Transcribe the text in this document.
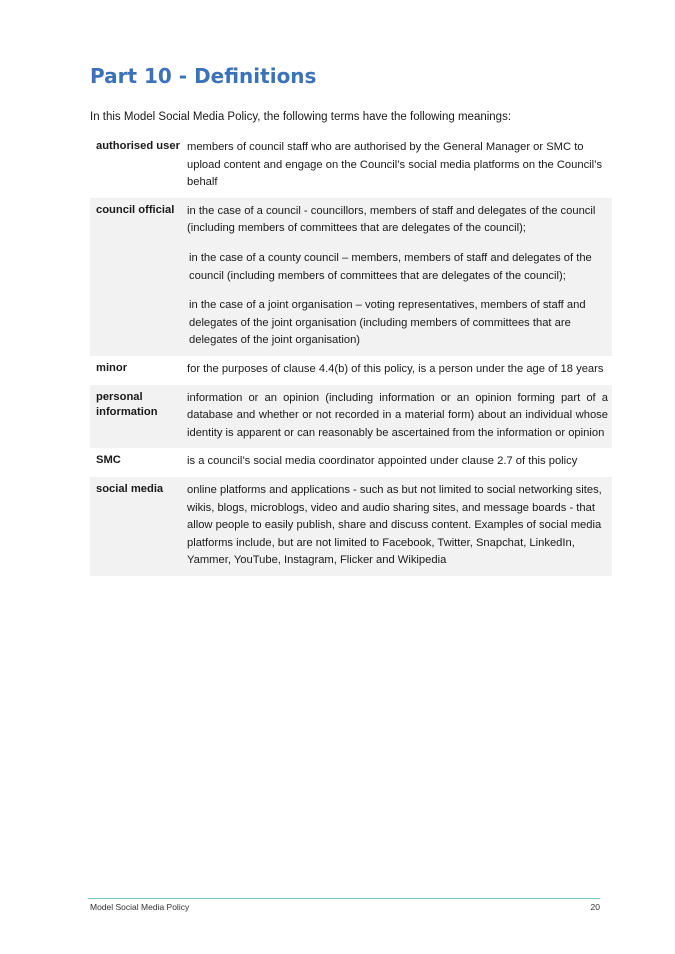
Part 10 - Definitions

In this Model Social Media Policy, the following terms have the following meanings:

authorised user	members of council staff who are authorised by the General Manager or SMC to upload content and engage on the Council’s social media platforms on the Council’s behalf

council official	in the case of a council - councillors, members of staff and delegates of the council (including members of committees that are delegates of the council);

in the case of a county council – members, members of staff and delegates of the council (including members of committees that are delegates of the council);

in the case of a joint organisation – voting representatives, members of staff and delegates of the joint organisation (including members of committees that are delegates of the joint organisation)

minor	for the purposes of clause 4.4(b) of this policy, is a person under the age of 18 years

personal information	information or an opinion (including information or an opinion forming part of a database and whether or not recorded in a material form) about an individual whose identity is apparent or can reasonably be ascertained from the information or opinion

SMC	is a council’s social media coordinator appointed under clause 2.7 of this policy

social media	online platforms and applications - such as but not limited to social networking sites, wikis, blogs, microblogs, video and audio sharing sites, and message boards - that allow people to easily publish, share and discuss content. Examples of social media platforms include, but are not limited to Facebook, Twitter, Snapchat, LinkedIn, Yammer, YouTube, Instagram, Flicker and Wikipedia

Model Social Media Policy	20
